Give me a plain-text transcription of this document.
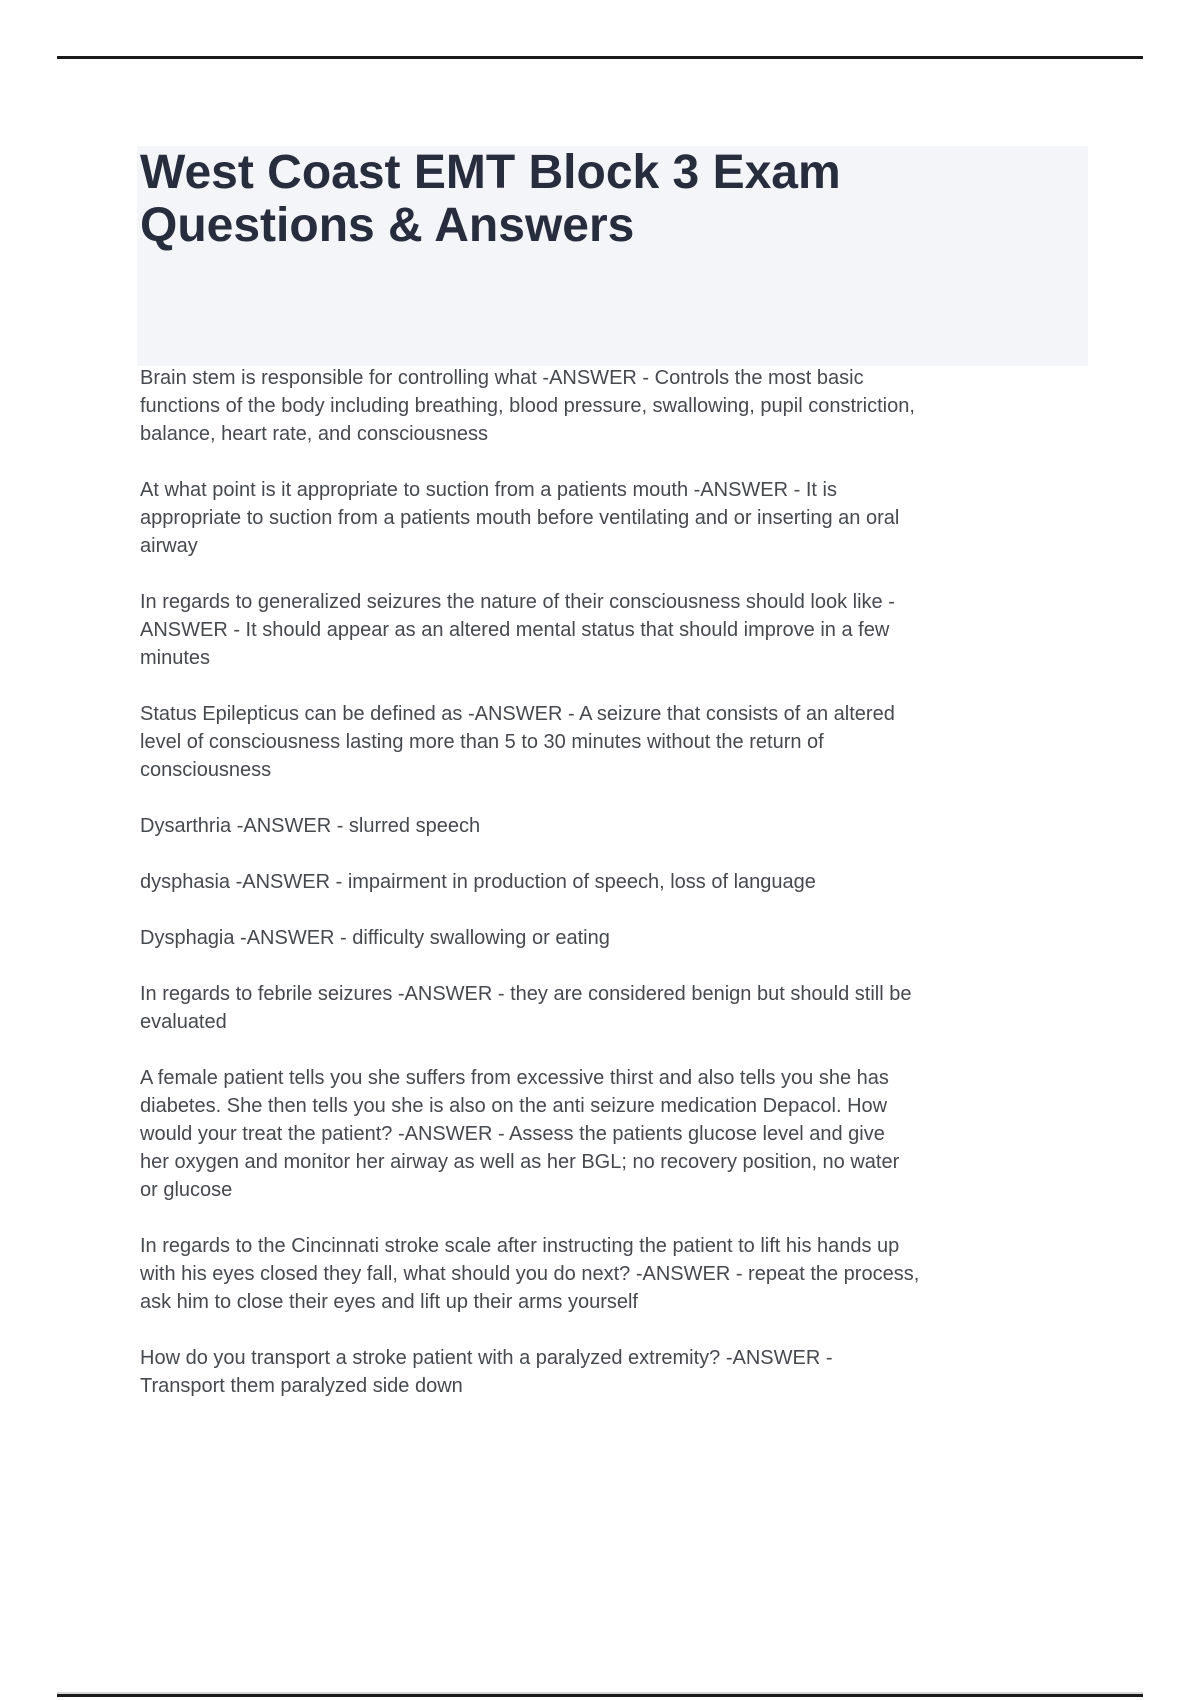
West Coast EMT Block 3 Exam
Questions & Answers

Brain stem is responsible for controlling what -ANSWER - Controls the most basic
functions of the body including breathing, blood pressure, swallowing, pupil constriction,
balance, heart rate, and consciousness

At what point is it appropriate to suction from a patients mouth -ANSWER - It is
appropriate to suction from a patients mouth before ventilating and or inserting an oral
airway

In regards to generalized seizures the nature of their consciousness should look like -
ANSWER - It should appear as an altered mental status that should improve in a few
minutes

Status Epilepticus can be defined as -ANSWER - A seizure that consists of an altered
level of consciousness lasting more than 5 to 30 minutes without the return of
consciousness

Dysarthria -ANSWER - slurred speech

dysphasia -ANSWER - impairment in production of speech, loss of language

Dysphagia -ANSWER - difficulty swallowing or eating

In regards to febrile seizures -ANSWER - they are considered benign but should still be
evaluated

A female patient tells you she suffers from excessive thirst and also tells you she has
diabetes. She then tells you she is also on the anti seizure medication Depacol. How
would your treat the patient? -ANSWER - Assess the patients glucose level and give
her oxygen and monitor her airway as well as her BGL; no recovery position, no water
or glucose

In regards to the Cincinnati stroke scale after instructing the patient to lift his hands up
with his eyes closed they fall, what should you do next? -ANSWER - repeat the process,
ask him to close their eyes and lift up their arms yourself

How do you transport a stroke patient with a paralyzed extremity? -ANSWER -
Transport them paralyzed side down
